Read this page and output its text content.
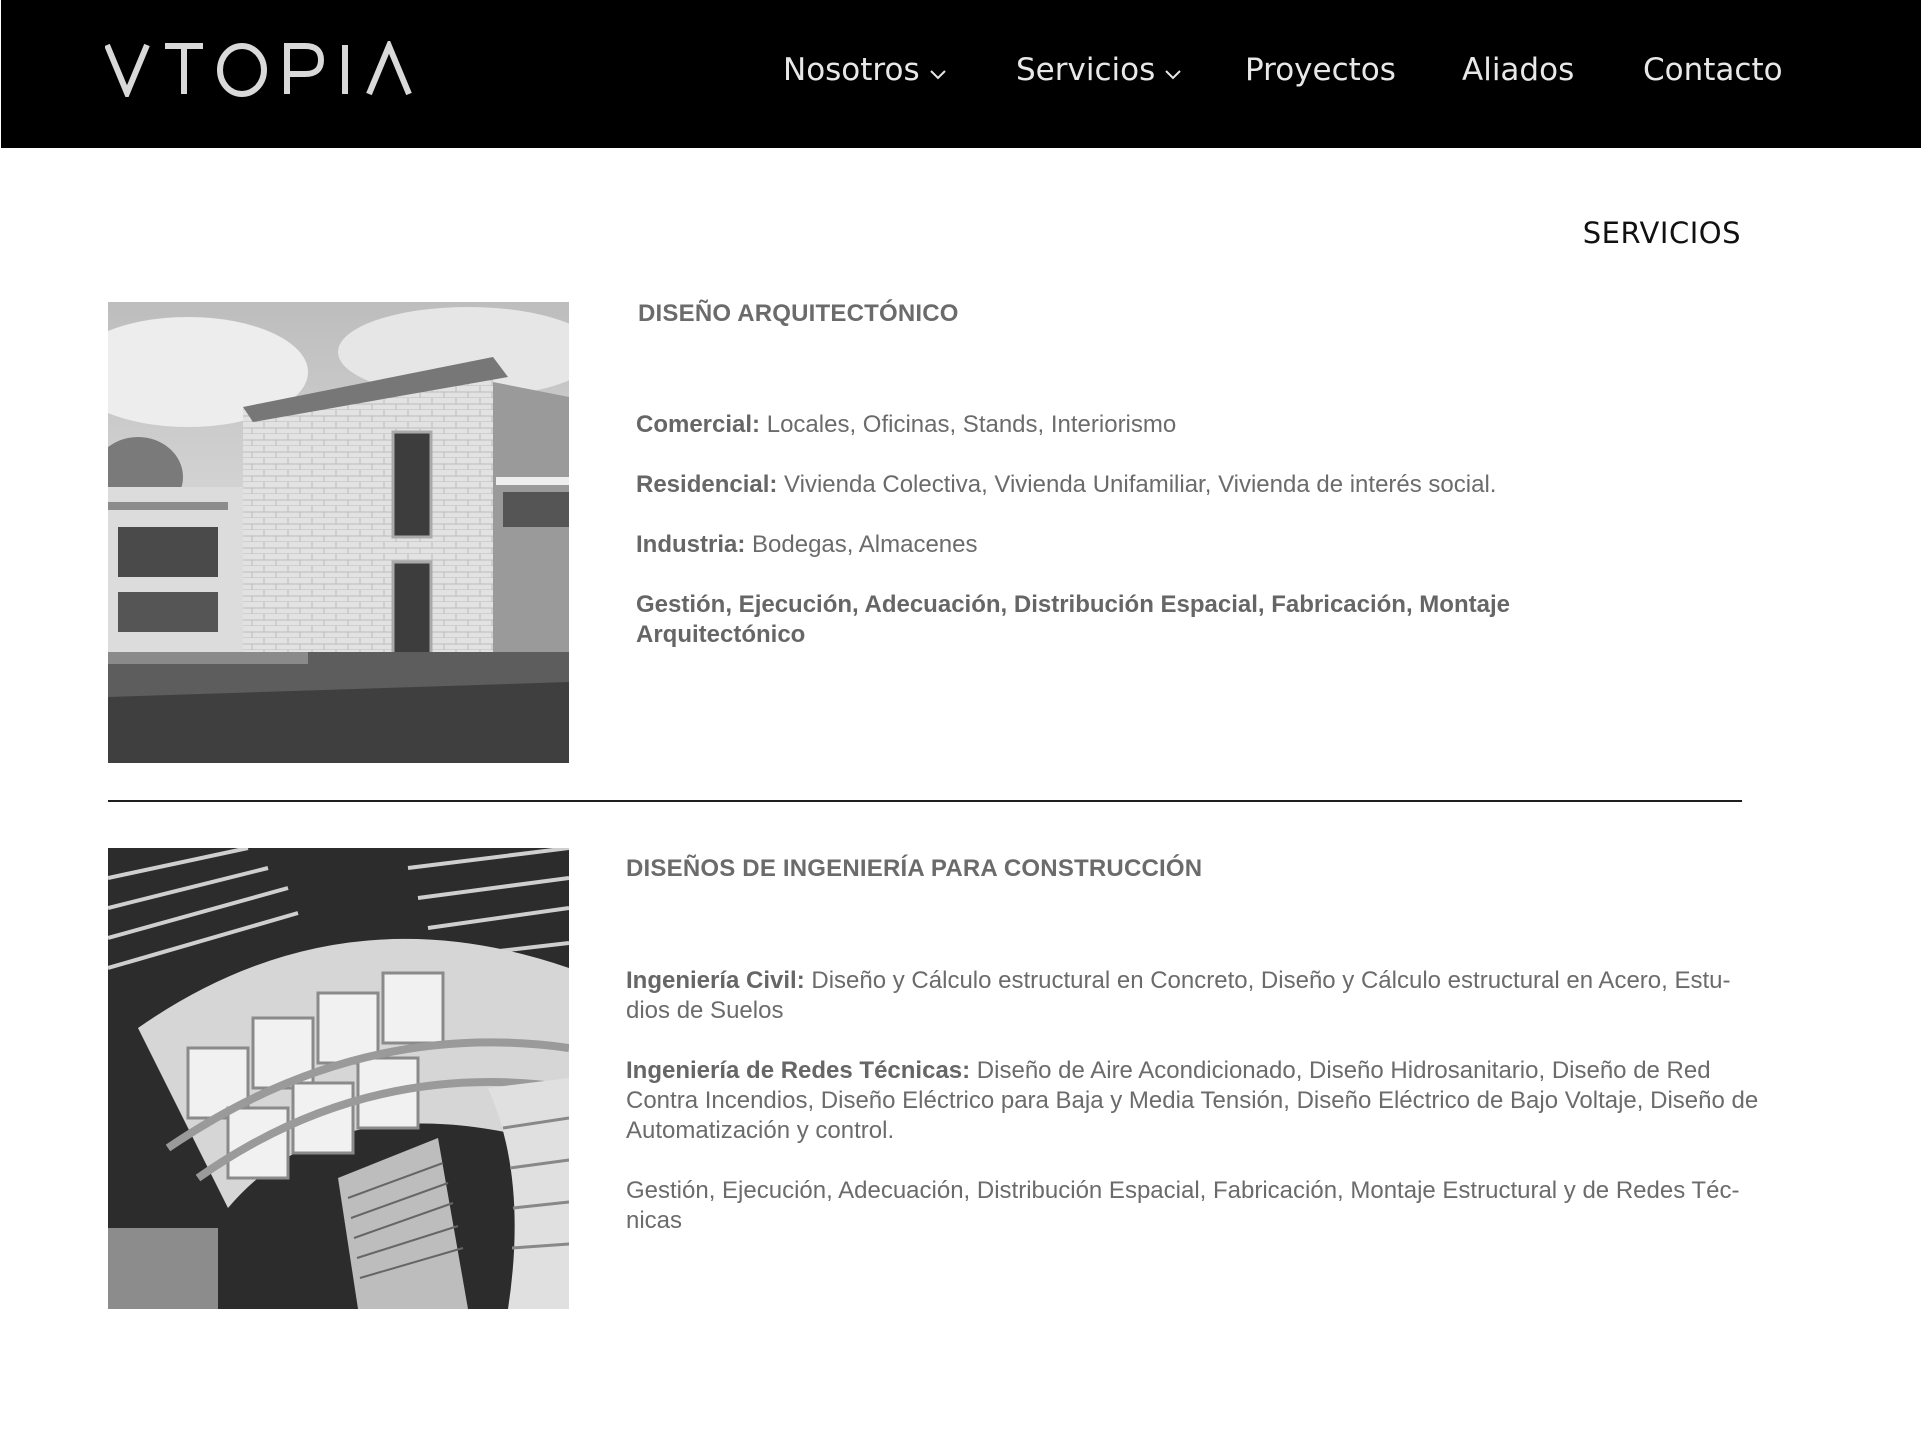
Nosotros	Servicios	Proyectos Aliados Contacto
SERVICIOS
DISEÑO ARQUITECTÓNICO

Comercial: Locales, Oficinas, Stands, Interiorismo

Residencial: Vivienda Colectiva, Vivienda Unifamiliar, Vivienda de interés social.

Industria: Bodegas, Almacenes

Gestión, Ejecución, Adecuación, Distribución Espacial, Fabricación, Montaje Arquitectónico

DISEÑOS DE INGENIERÍA PARA CONSTRUCCIÓN

Ingeniería Civil: Diseño y Cálculo estructural en Concreto, Diseño y Cálculo estructural en Acero, Estu-dios de Suelos

Ingeniería de Redes Técnicas: Diseño de Aire Acondicionado, Diseño Hidrosanitario, Diseño de Red Contra Incendios, Diseño Eléctrico para Baja y Media Tensión, Diseño Eléctrico de Bajo Voltaje, Diseño de Automatización y control.

Gestión, Ejecución, Adecuación, Distribución Espacial, Fabricación, Montaje Estructural y de Redes Téc-nicas
